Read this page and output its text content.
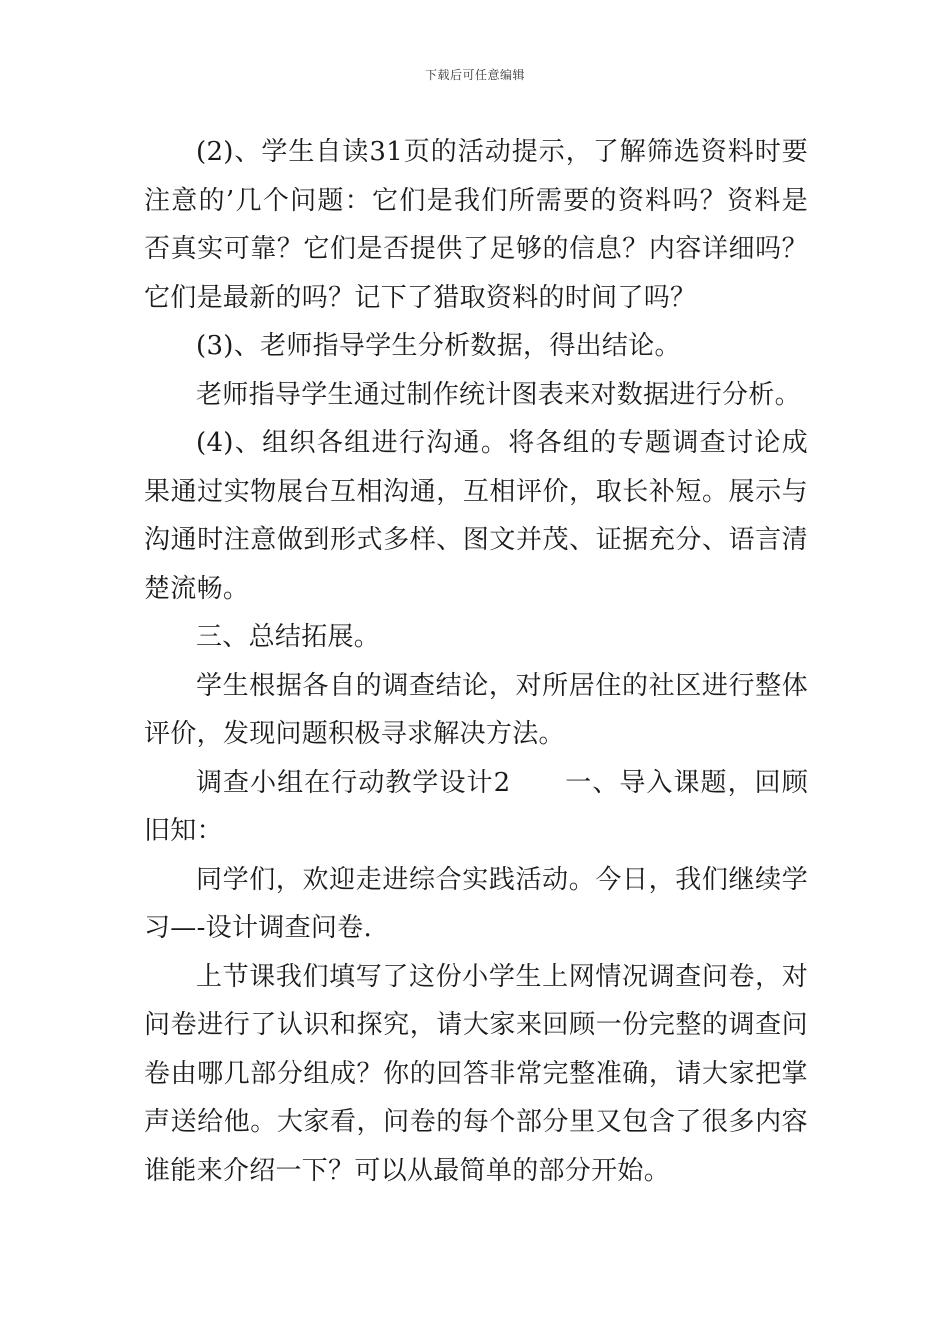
下载后可任意编辑

(2)、学生自读31页的活动提示，了解筛选资料时要注意的’几个问题：它们是我们所需要的资料吗？资料是否真实可靠？它们是否提供了足够的信息？内容详细吗？它们是最新的吗？记下了猎取资料的时间了吗？

(3)、老师指导学生分析数据，得出结论。

老师指导学生通过制作统计图表来对数据进行分析。

(4)、组织各组进行沟通。将各组的专题调查讨论成果通过实物展台互相沟通，互相评价，取长补短。展示与沟通时注意做到形式多样、图文并茂、证据充分、语言清楚流畅。

三、总结拓展。

学生根据各自的调查结论，对所居住的社区进行整体评价，发现问题积极寻求解决方法。

调查小组在行动教学设计2　　一、导入课题，回顾旧知：

同学们，欢迎走进综合实践活动。今日，我们继续学习—-设计调查问卷.

上节课我们填写了这份小学生上网情况调查问卷，对问卷进行了认识和探究，请大家来回顾一份完整的调查问卷由哪几部分组成？你的回答非常完整准确，请大家把掌声送给他。大家看，问卷的每个部分里又包含了很多内容谁能来介绍一下？可以从最简单的部分开始。
